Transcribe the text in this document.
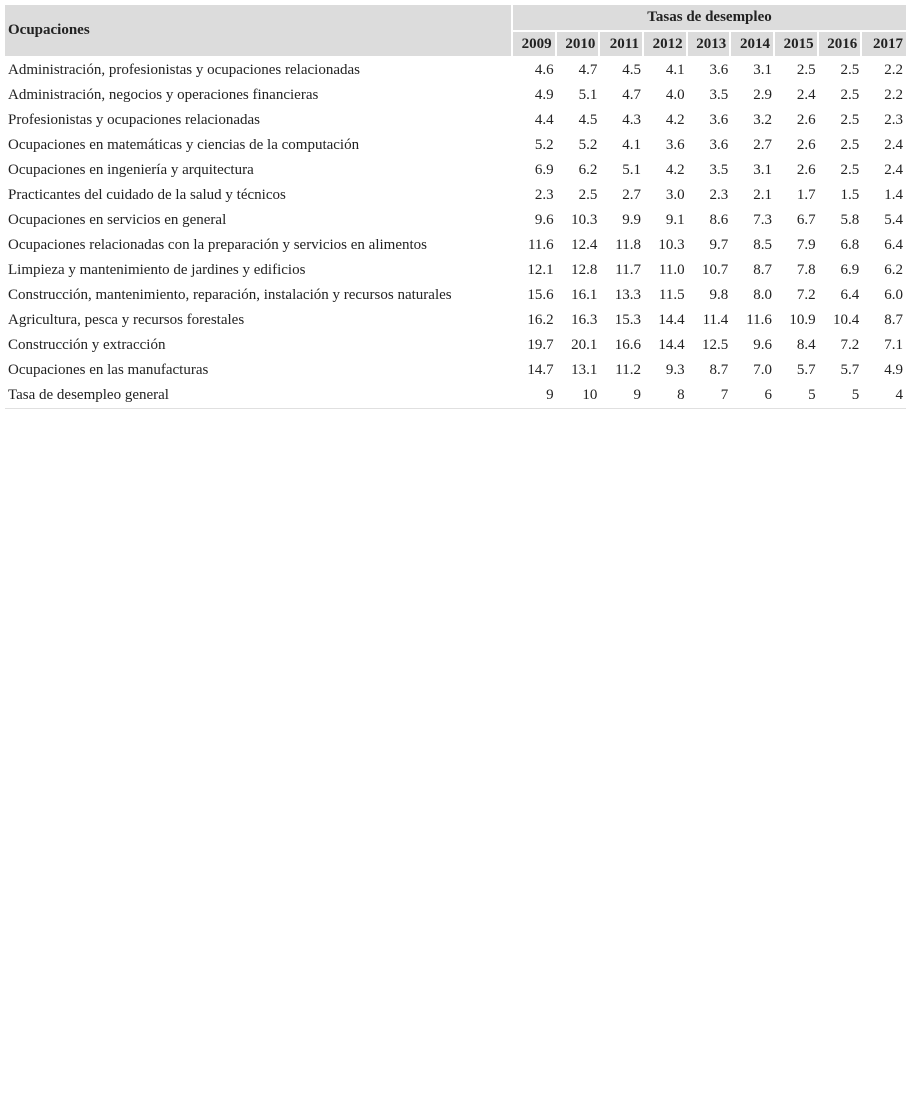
Ocupaciones	Tasas de desempleo								
	2009	2010	2011	2012	2013	2014	2015	2016	2017
Administración, profesionistas y ocupaciones relacionadas	4.6	4.7	4.5	4.1	3.6	3.1	2.5	2.5	2.2
Administración, negocios y operaciones financieras	4.9	5.1	4.7	4.0	3.5	2.9	2.4	2.5	2.2
Profesionistas y ocupaciones relacionadas	4.4	4.5	4.3	4.2	3.6	3.2	2.6	2.5	2.3
Ocupaciones en matemáticas y ciencias de la computación	5.2	5.2	4.1	3.6	3.6	2.7	2.6	2.5	2.4
Ocupaciones en ingeniería y arquitectura	6.9	6.2	5.1	4.2	3.5	3.1	2.6	2.5	2.4
Practicantes del cuidado de la salud y técnicos	2.3	2.5	2.7	3.0	2.3	2.1	1.7	1.5	1.4
Ocupaciones en servicios en general	9.6	10.3	9.9	9.1	8.6	7.3	6.7	5.8	5.4
Ocupaciones relacionadas con la preparación y servicios en alimentos	11.6	12.4	11.8	10.3	9.7	8.5	7.9	6.8	6.4
Limpieza y mantenimiento de jardines y edificios	12.1	12.8	11.7	11.0	10.7	8.7	7.8	6.9	6.2
Construcción, mantenimiento, reparación, instalación y recursos naturales	15.6	16.1	13.3	11.5	9.8	8.0	7.2	6.4	6.0
Agricultura, pesca y recursos forestales	16.2	16.3	15.3	14.4	11.4	11.6	10.9	10.4	8.7
Construcción y extracción	19.7	20.1	16.6	14.4	12.5	9.6	8.4	7.2	7.1
Ocupaciones en las manufacturas	14.7	13.1	11.2	9.3	8.7	7.0	5.7	5.7	4.9
Tasa de desempleo general	9	10	9	8	7	6	5	5	4
